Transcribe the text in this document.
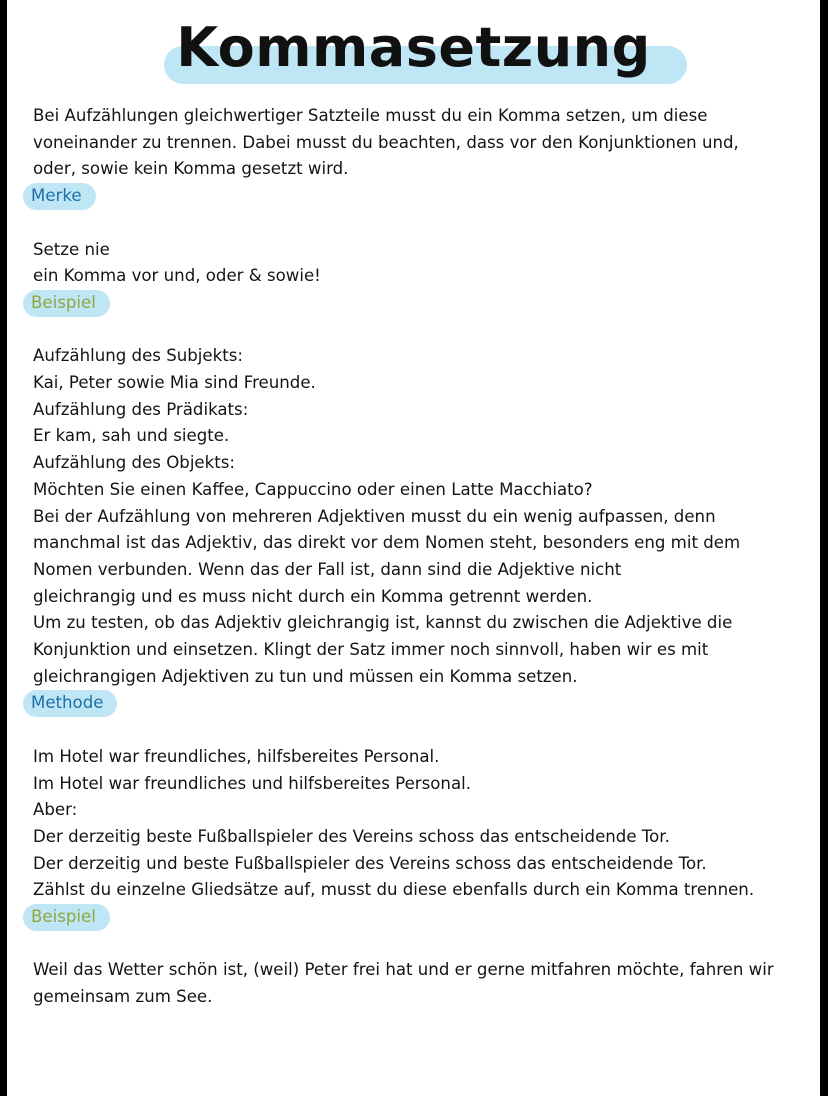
Kommasetzung
Bei Aufzählungen gleichwertiger Satzteile musst du ein Komma setzen, um diese
voneinander zu trennen. Dabei musst du beachten, dass vor den Konjunktionen und,
oder, sowie kein Komma gesetzt wird.
Merke
Setze nie
ein Komma vor und, oder & sowie!
Beispiel
Aufzählung des Subjekts:
Kai, Peter sowie Mia sind Freunde.
Aufzählung des Prädikats:
Er kam, sah und siegte.
Aufzählung des Objekts:
Möchten Sie einen Kaffee, Cappuccino oder einen Latte Macchiato?
Bei der Aufzählung von mehreren Adjektiven musst du ein wenig aufpassen, denn
manchmal ist das Adjektiv, das direkt vor dem Nomen steht, besonders eng mit dem
Nomen verbunden. Wenn das der Fall ist, dann sind die Adjektive nicht
gleichrangig und es muss nicht durch ein Komma getrennt werden.
Um zu testen, ob das Adjektiv gleichrangig ist, kannst du zwischen die Adjektive die
Konjunktion und einsetzen. Klingt der Satz immer noch sinnvoll, haben wir es mit
gleichrangigen Adjektiven zu tun und müssen ein Komma setzen.
Methode
Im Hotel war freundliches, hilfsbereites Personal.
Im Hotel war freundliches und hilfsbereites Personal.
Aber:
Der derzeitig beste Fußballspieler des Vereins schoss das entscheidende Tor.
Der derzeitig und beste Fußballspieler des Vereins schoss das entscheidende Tor.
Zählst du einzelne Gliedsätze auf, musst du diese ebenfalls durch ein Komma trennen.
Beispiel
Weil das Wetter schön ist, (weil) Peter frei hat und er gerne mitfahren möchte, fahren wir
gemeinsam zum See.
